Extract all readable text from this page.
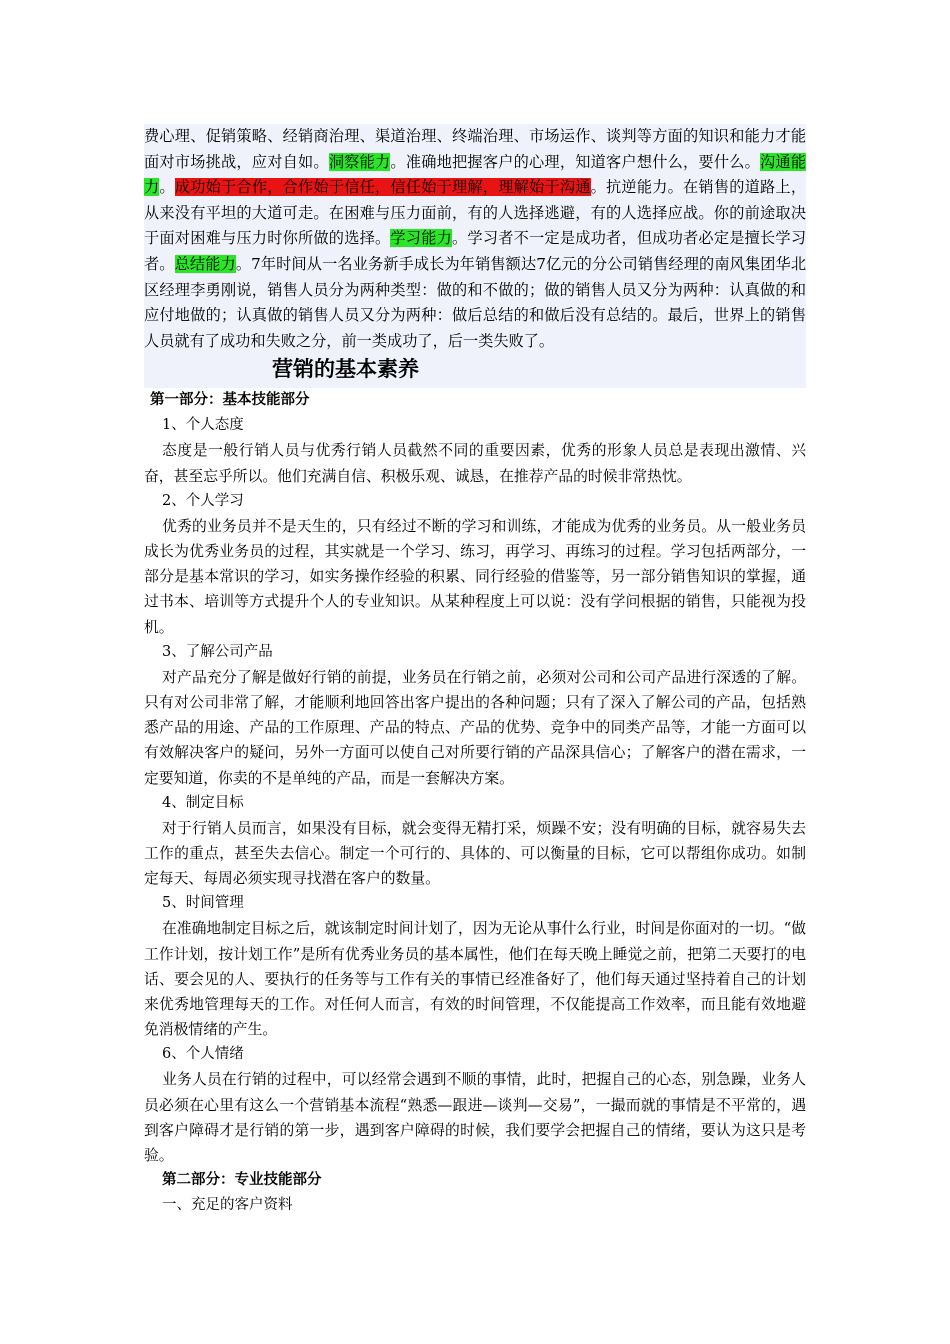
费心理、促销策略、经销商治理、渠道治理、终端治理、市场运作、谈判等方面的知识和能力才能面对市场挑战，应对自如。洞察能力。准确地把握客户的心理，知道客户想什么，要什么。沟通能力。成功始于合作，合作始于信任，信任始于理解，理解始于沟通。抗逆能力。在销售的道路上，从来没有平坦的大道可走。在困难与压力面前，有的人选择逃避，有的人选择应战。你的前途取决于面对困难与压力时你所做的选择。学习能力。学习者不一定是成功者，但成功者必定是擅长学习者。总结能力。7年时间从一名业务新手成长为年销售额达7亿元的分公司销售经理的南风集团华北区经理李勇刚说，销售人员分为两种类型：做的和不做的；做的销售人员又分为两种：认真做的和应付地做的；认真做的销售人员又分为两种：做后总结的和做后没有总结的。最后，世界上的销售人员就有了成功和失败之分，前一类成功了，后一类失败了。

营销的基本素养

第一部分：基本技能部分

1、个人态度

态度是一般行销人员与优秀行销人员截然不同的重要因素，优秀的形象人员总是表现出激情、兴奋，甚至忘乎所以。他们充满自信、积极乐观、诚恳，在推荐产品的时候非常热忱。

2、个人学习

优秀的业务员并不是天生的，只有经过不断的学习和训练，才能成为优秀的业务员。从一般业务员成长为优秀业务员的过程，其实就是一个学习、练习，再学习、再练习的过程。学习包括两部分，一部分是基本常识的学习，如实务操作经验的积累、同行经验的借鉴等，另一部分销售知识的掌握，通过书本、培训等方式提升个人的专业知识。从某种程度上可以说：没有学问根据的销售，只能视为投机。

3、了解公司产品

对产品充分了解是做好行销的前提，业务员在行销之前，必须对公司和公司产品进行深透的了解。只有对公司非常了解，才能顺利地回答出客户提出的各种问题；只有了深入了解公司的产品，包括熟悉产品的用途、产品的工作原理、产品的特点、产品的优势、竞争中的同类产品等，才能一方面可以有效解决客户的疑问，另外一方面可以使自己对所要行销的产品深具信心；了解客户的潜在需求，一定要知道，你卖的不是单纯的产品，而是一套解决方案。

4、制定目标

对于行销人员而言，如果没有目标，就会变得无精打采，烦躁不安；没有明确的目标，就容易失去工作的重点，甚至失去信心。制定一个可行的、具体的、可以衡量的目标，它可以帮组你成功。如制定每天、每周必须实现寻找潜在客户的数量。

5、时间管理

在准确地制定目标之后，就该制定时间计划了，因为无论从事什么行业，时间是你面对的一切。“做工作计划，按计划工作”是所有优秀业务员的基本属性，他们在每天晚上睡觉之前，把第二天要打的电话、要会见的人、要执行的任务等与工作有关的事情已经准备好了，他们每天通过坚持着自己的计划来优秀地管理每天的工作。对任何人而言，有效的时间管理，不仅能提高工作效率，而且能有效地避免消极情绪的产生。

6、个人情绪

业务人员在行销的过程中，可以经常会遇到不顺的事情，此时，把握自己的心态，别急躁，业务人员必须在心里有这么一个营销基本流程“熟悉—跟进—谈判—交易”，一撮而就的事情是不平常的，遇到客户障碍才是行销的第一步，遇到客户障碍的时候，我们要学会把握自己的情绪，要认为这只是考验。

第二部分：专业技能部分

一、充足的客户资料
